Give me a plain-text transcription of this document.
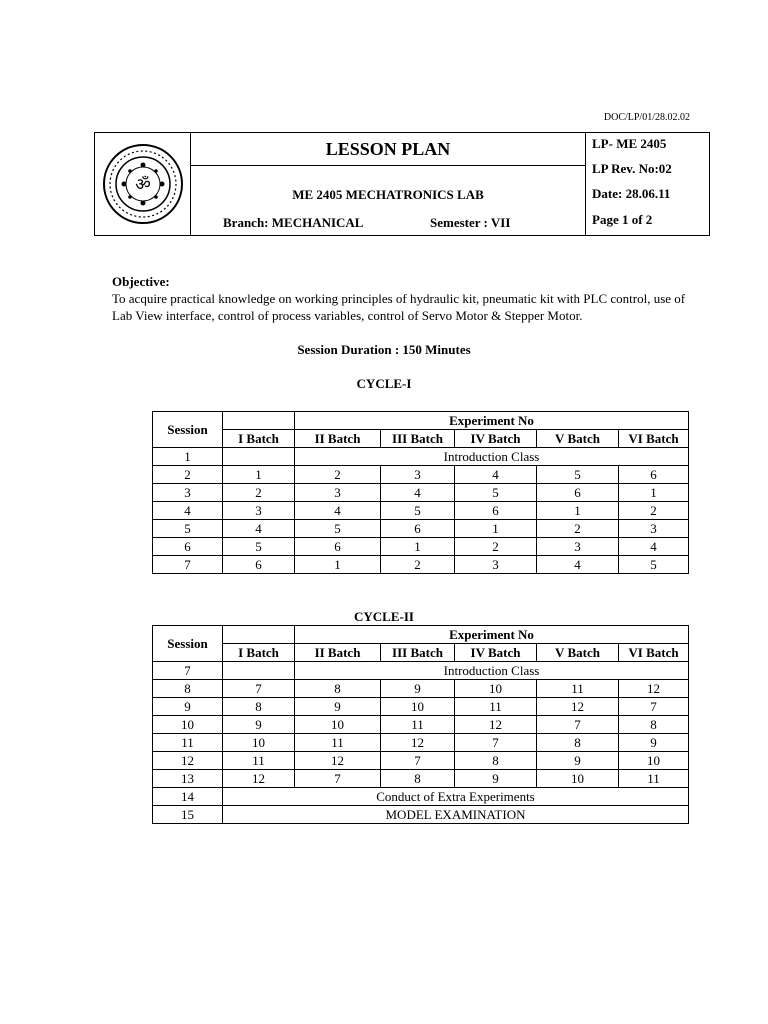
DOC/LP/01/28.02.02
ॐ
LESSON PLAN
ME 2405 MECHATRONICS LAB
Branch: MECHANICAL	Semester : VII
LP- ME 2405
LP Rev. No:02
Date: 28.06.11
Page 1 of 2
Objective:
To acquire practical knowledge on working principles of hydraulic kit, pneumatic kit with PLC control, use of Lab View interface, control of process variables, control of Servo Motor & Stepper Motor.
Session Duration : 150 Minutes
CYCLE-I
Session		Experiment No				
	I Batch	II Batch	III Batch	IV Batch	V Batch	VI Batch
1		Introduction Class				
2	1	2	3	4	5	6
3	2	3	4	5	6	1
4	3	4	5	6	1	2
5	4	5	6	1	2	3
6	5	6	1	2	3	4
7	6	1	2	3	4	5
CYCLE-II
Session		Experiment No				
	I Batch	II Batch	III Batch	IV Batch	V Batch	VI Batch
7		Introduction Class				
8	7	8	9	10	11	12
9	8	9	10	11	12	7
10	9	10	11	12	7	8
11	10	11	12	7	8	9
12	11	12	7	8	9	10
13	12	7	8	9	10	11
14	Conduct of Extra Experiments					
15	MODEL EXAMINATION					
